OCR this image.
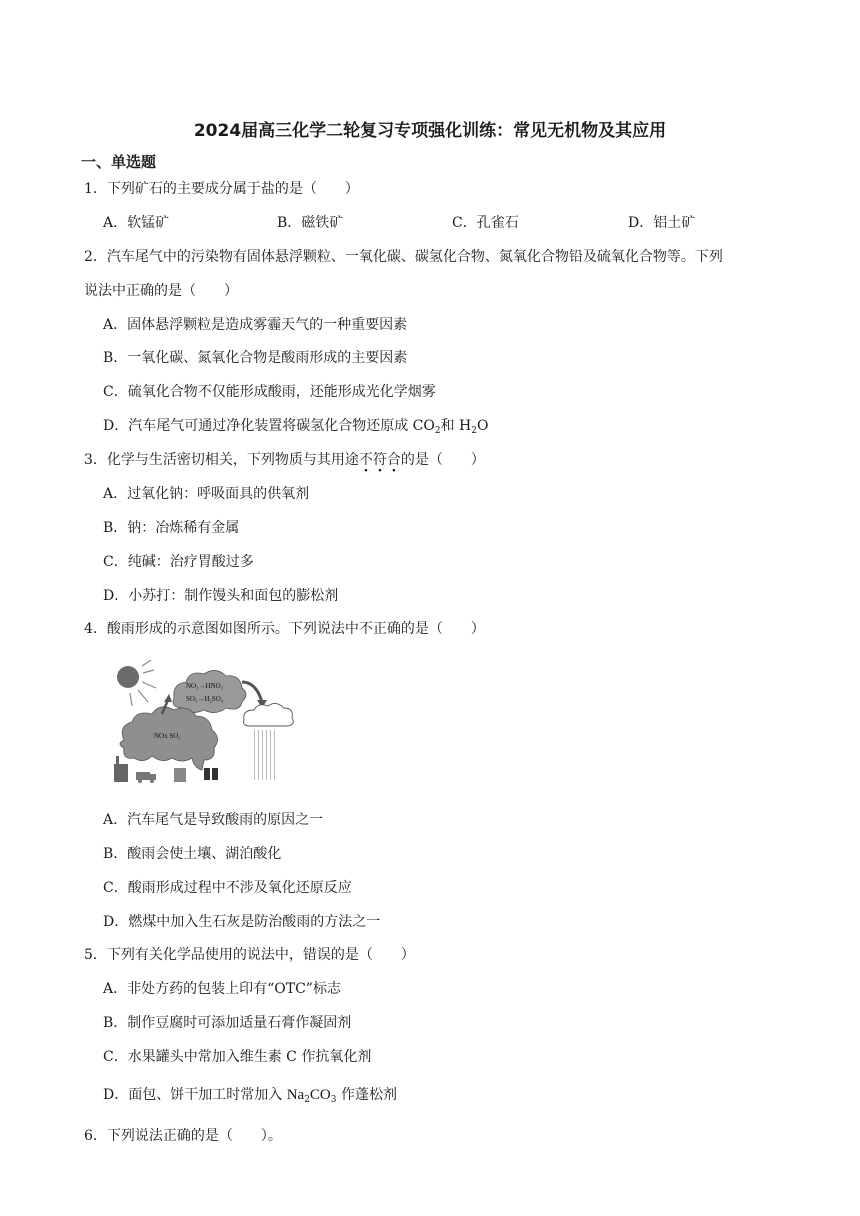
2024届高三化学二轮复习专项强化训练：常见无机物及其应用
一、单选题
1．下列矿石的主要成分属于盐的是（　　）
A．软锰矿	B．磁铁矿	C．孔雀石	D．铝土矿
2．汽车尾气中的污染物有固体悬浮颗粒、一氧化碳、碳氢化合物、氮氧化合物铅及硫氧化合物等。下列
说法中正确的是（　　）
A．固体悬浮颗粒是造成雾霾天气的一种重要因素
B．一氧化碳、氮氧化合物是酸雨形成的主要因素
C．硫氧化合物不仅能形成酸雨，还能形成光化学烟雾
D．汽车尾气可通过净化装置将碳氢化合物还原成 $CO_2$和 $H_2O$
3．化学与生活密切相关，下列物质与其用途不符合的是（　　）
A．过氧化钠：呼吸面具的供氧剂
B．钠：冶炼稀有金属
C．纯碱：治疗胃酸过多
D．小苏打：制作馒头和面包的膨松剂
4．酸雨形成的示意图如图所示。下列说法中不正确的是（　　）
NO₂→HNO₃
SO₃→H₂SO₄
NOx SO₂
A．汽车尾气是导致酸雨的原因之一
B．酸雨会使土壤、湖泊酸化
C．酸雨形成过程中不涉及氧化还原反应
D．燃煤中加入生石灰是防治酸雨的方法之一
5．下列有关化学品使用的说法中，错误的是（　　）
A．非处方药的包装上印有“OTC”标志
B．制作豆腐时可添加适量石膏作凝固剂
C．水果罐头中常加入维生素 C 作抗氧化剂
D．面包、饼干加工时常加入 $Na_2CO_3$ 作蓬松剂
6．下列说法正确的是（　　）。
